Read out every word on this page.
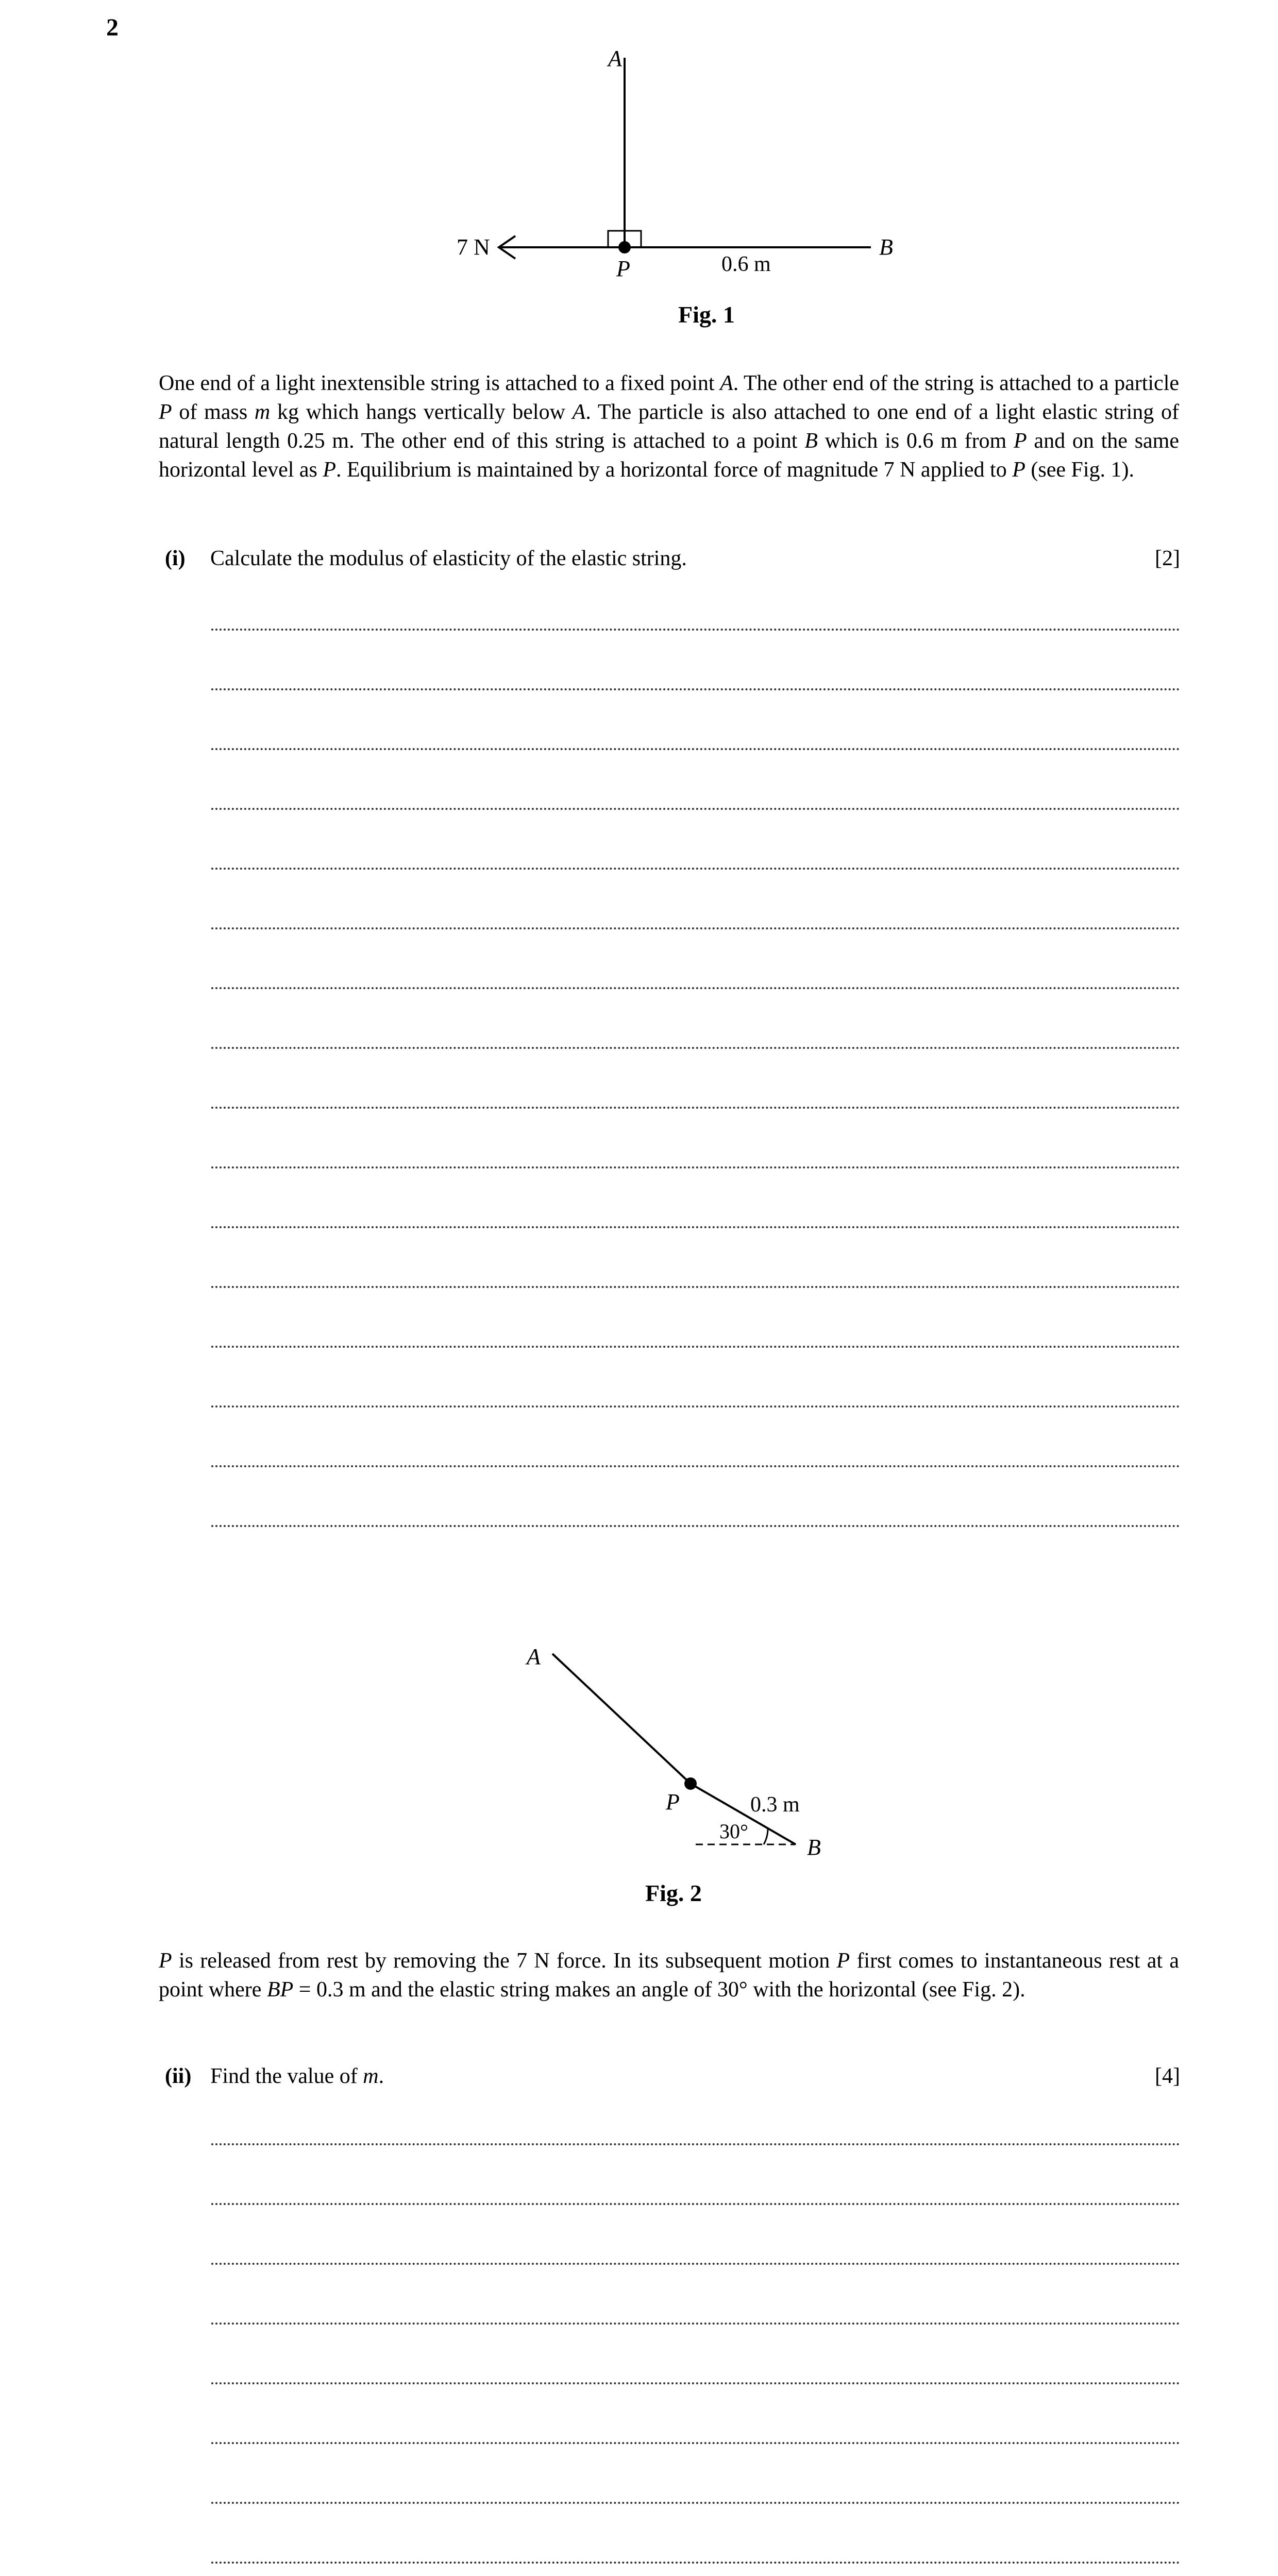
2
A
P
B
7 N
0.6 m
Fig. 1

One end of a light inextensible string is attached to a fixed point A. The other end of the string is attached to a particle P of mass m kg which hangs vertically below A. The particle is also attached to one end of a light elastic string of natural length 0.25 m. The other end of this string is attached to a point B which is 0.6 m from P and on the same horizontal level as P. Equilibrium is maintained by a horizontal force of magnitude 7 N applied to P (see Fig. 1).

(i) Calculate the modulus of elasticity of the elastic string.	[2]
A
P
B
0.3 m
30°
Fig. 2

P is released from rest by removing the 7 N force. In its subsequent motion P first comes to instantaneous rest at a point where BP = 0.3 m and the elastic string makes an angle of 30° with the horizontal (see Fig. 2).

(ii) Find the value of m.	[4]
